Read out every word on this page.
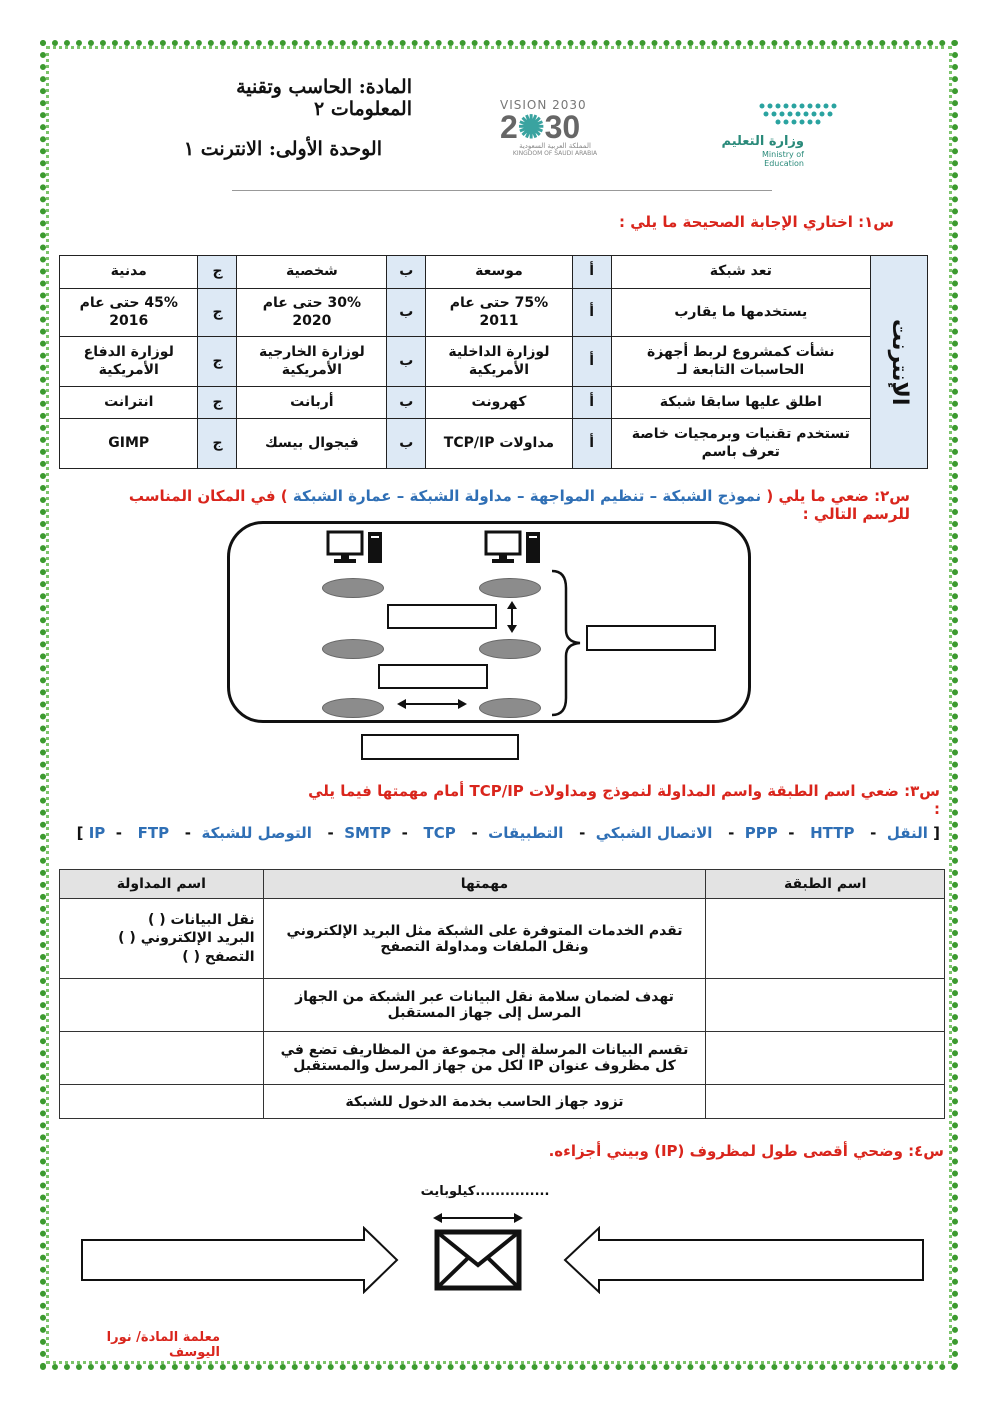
المادة: الحاسب وتقنية المعلومات ٢
الوحدة الأولى: الانترنت ١
VISION 2030
2✺30
المملكة العربية السعودية
KINGDOM OF SAUDI ARABIA
وزارة التعليم
Ministry of Education
س١: اختاري الإجابة الصحيحة ما يلي :
الإنترنت	تعد شبكة	أ	موسعة	ب	شخصية	ج	مدنية
	يستخدمها ما يقارب	أ	75% حتى عام 2011	ب	30% حتى عام 2020	ج	45% حتى عام 2016
	نشأت كمشروع لربط أجهزة الحاسبات التابعة لـ	أ	لوزارة الداخلية الأمريكية	ب	لوزارة الخارجية الأمريكية	ج	لوزارة الدفاع الأمريكية
	اطلق عليها سابقا شبكة	أ	كهرونت	ب	أربانت	ج	انترانت
	تستخدم تقنيات وبرمجيات خاصة تعرف باسم	أ	مداولات TCP/IP	ب	فيجوال بيسك	ج	GIMP
س٢: ضعي ما يلي ( نموذج الشبكة – تنظيم المواجهة – مداولة الشبكة – عمارة الشبكة ) في المكان المناسب للرسم التالي :
س٣: ضعي اسم الطبقة واسم المداولة لنموذج ومداولات TCP/IP أمام مهمتها فيما يلي :
[ النقل  -   PPP  -   HTTP  -   الاتصال الشبكي  -   التطبيقات  -   SMTP  -   TCP  -   التوصل للشبكة  -   IP  -   FTP ]
اسم الطبقة	مهمتها	اسم المداولة
	تقدم الخدمات المتوفرة على الشبكة مثل البريد الإلكتروني ونقل الملفات ومداولة التصفح	نقل البيانات ( )
البريد الإلكتروني ( )
التصفح ( )

	تهدف لضمان سلامة نقل البيانات عبر الشبكة من الجهاز المرسل إلى جهاز المستقبل	
	تقسم البيانات المرسلة إلى مجموعة من المظاريف تضع في كل مظروف عنوان IP لكل من جهاز المرسل والمستقبل	
	تزود جهاز الحاسب بخدمة الدخول للشبكة	
س٤: وضحي أقصى طول لمظروف (IP) وبيني أجزاءه.
...............كيلوبايت
معلمة المادة/ نورا اليوسف
